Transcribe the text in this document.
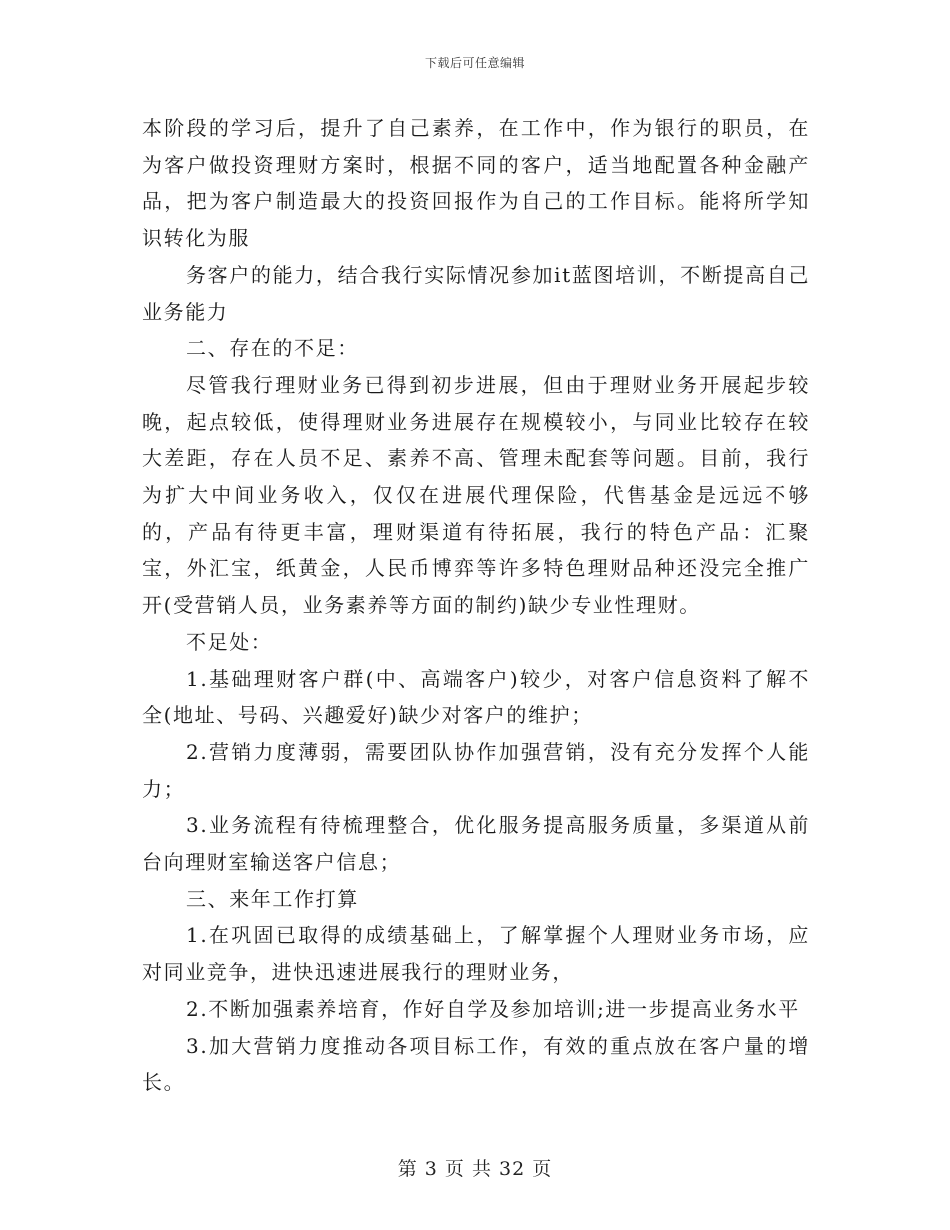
下载后可任意编辑

本阶段的学习后，提升了自己素养，在工作中，作为银行的职员，在为客户做投资理财方案时，根据不同的客户，适当地配置各种金融产品，把为客户制造最大的投资回报作为自己的工作目标。能将所学知识转化为服

务客户的能力，结合我行实际情况参加it蓝图培训，不断提高自己业务能力

二、存在的不足：

尽管我行理财业务已得到初步进展，但由于理财业务开展起步较晚，起点较低，使得理财业务进展存在规模较小，与同业比较存在较大差距，存在人员不足、素养不高、管理未配套等问题。目前，我行为扩大中间业务收入，仅仅在进展代理保险，代售基金是远远不够的，产品有待更丰富，理财渠道有待拓展，我行的特色产品：汇聚宝，外汇宝，纸黄金，人民币博弈等许多特色理财品种还没完全推广开(受营销人员，业务素养等方面的制约)缺少专业性理财。

不足处：

1.基础理财客户群(中、高端客户)较少，对客户信息资料了解不全(地址、号码、兴趣爱好)缺少对客户的维护；

2.营销力度薄弱，需要团队协作加强营销，没有充分发挥个人能力；

3.业务流程有待梳理整合，优化服务提高服务质量，多渠道从前台向理财室输送客户信息；

三、来年工作打算

1.在巩固已取得的成绩基础上，了解掌握个人理财业务市场，应对同业竞争，进快迅速进展我行的理财业务，

2.不断加强素养培育，作好自学及参加培训;进一步提高业务水平

3.加大营销力度推动各项目标工作，有效的重点放在客户量的增长。

第 3 页 共 32 页
